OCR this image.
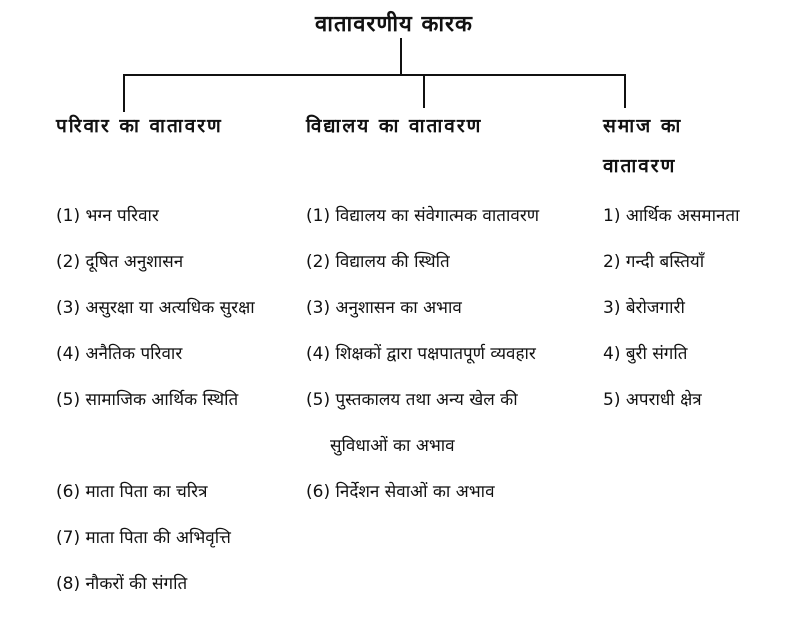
वातावरणीय कारक
परिवार का वातावरण	विद्यालय का वातावरण	समाज का
वातावरण
(1) भग्न परिवार
(2) दूषित अनुशासन
(3) असुरक्षा या अत्यधिक सुरक्षा
(4) अनैतिक परिवार
(5) सामाजिक आर्थिक स्थिति
(6) माता पिता का चरित्र
(7) माता पिता की अभिवृत्ति
(8) नौकरों की संगति
(1) विद्यालय का संवेगात्मक वातावरण
(2) विद्यालय की स्थिति
(3) अनुशासन का अभाव
(4) शिक्षकों द्वारा पक्षपातपूर्ण व्यवहार
(5) पुस्तकालय तथा अन्य खेल की
सुविधाओं का अभाव
(6) निर्देशन सेवाओं का अभाव
1) आर्थिक असमानता
2) गन्दी बस्तियाँ
3) बेरोजगारी
4) बुरी संगति
5) अपराधी क्षेत्र
